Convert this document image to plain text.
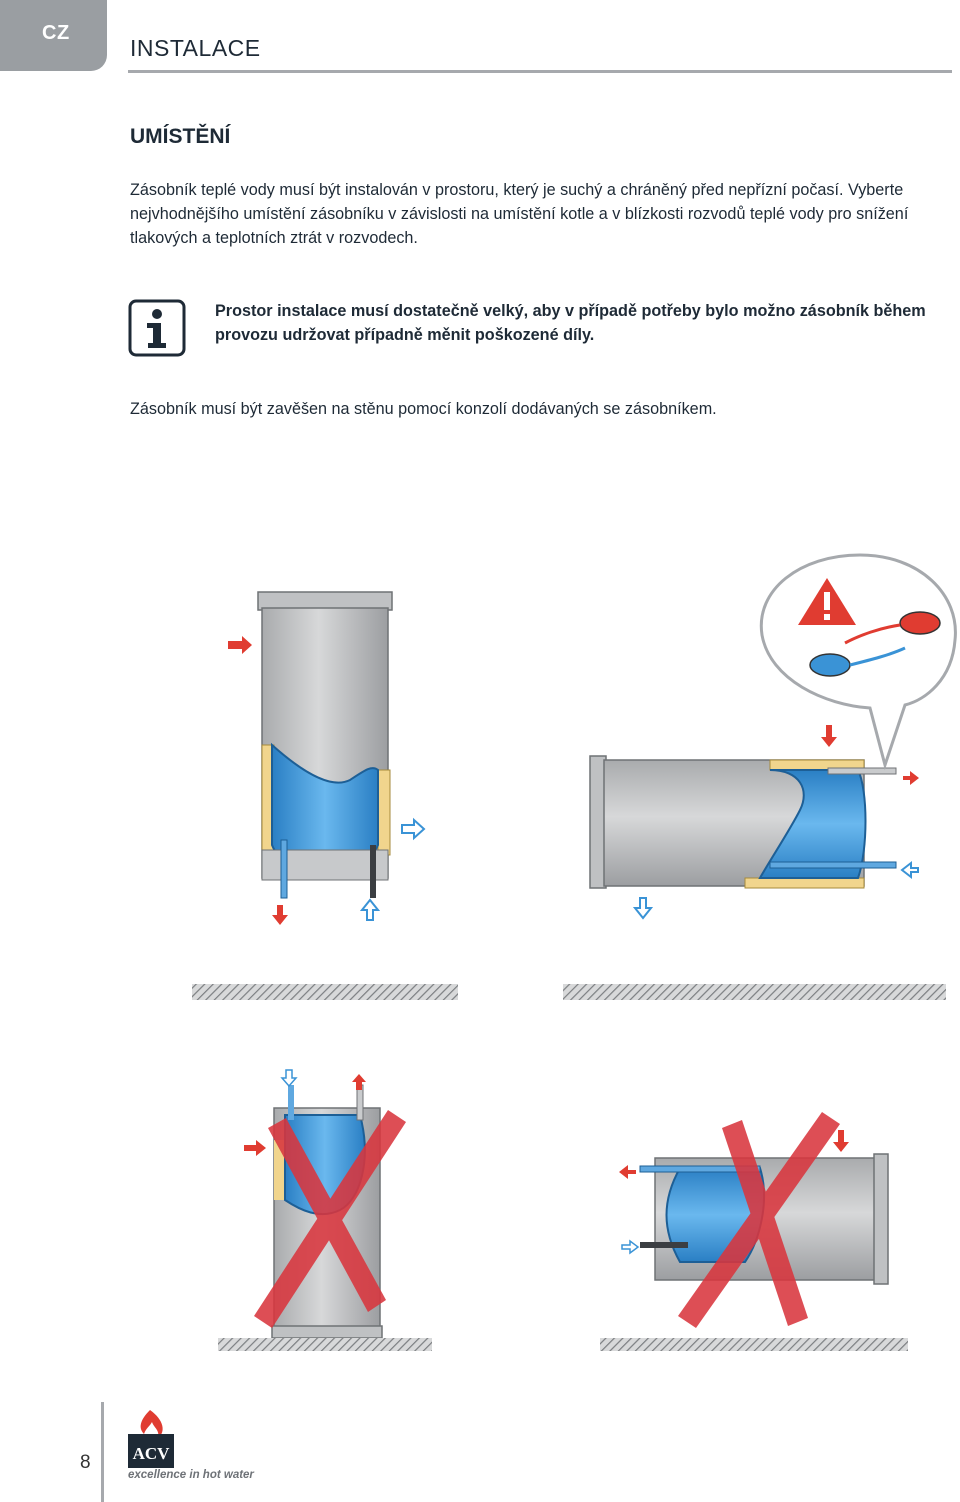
CZ
INSTALACE
UMÍSTĚNÍ
Zásobník teplé vody musí být instalován v prostoru, který je suchý a chráněný před nepřízní počasí. Vyberte nejvhodnějšího umístění zásobníku v závislosti na umístění kotle a v blízkosti rozvodů teplé vody pro snížení tlakových a teplotních ztrát v rozvodech.
Prostor instalace musí dostatečně velký, aby v případě potřeby bylo možno zásobník během provozu udržovat případně měnit poškozené díly.
Zásobník musí být zavěšen na stěnu pomocí konzolí dodávaných se zásobníkem.
8 ACV
excellence in hot water
